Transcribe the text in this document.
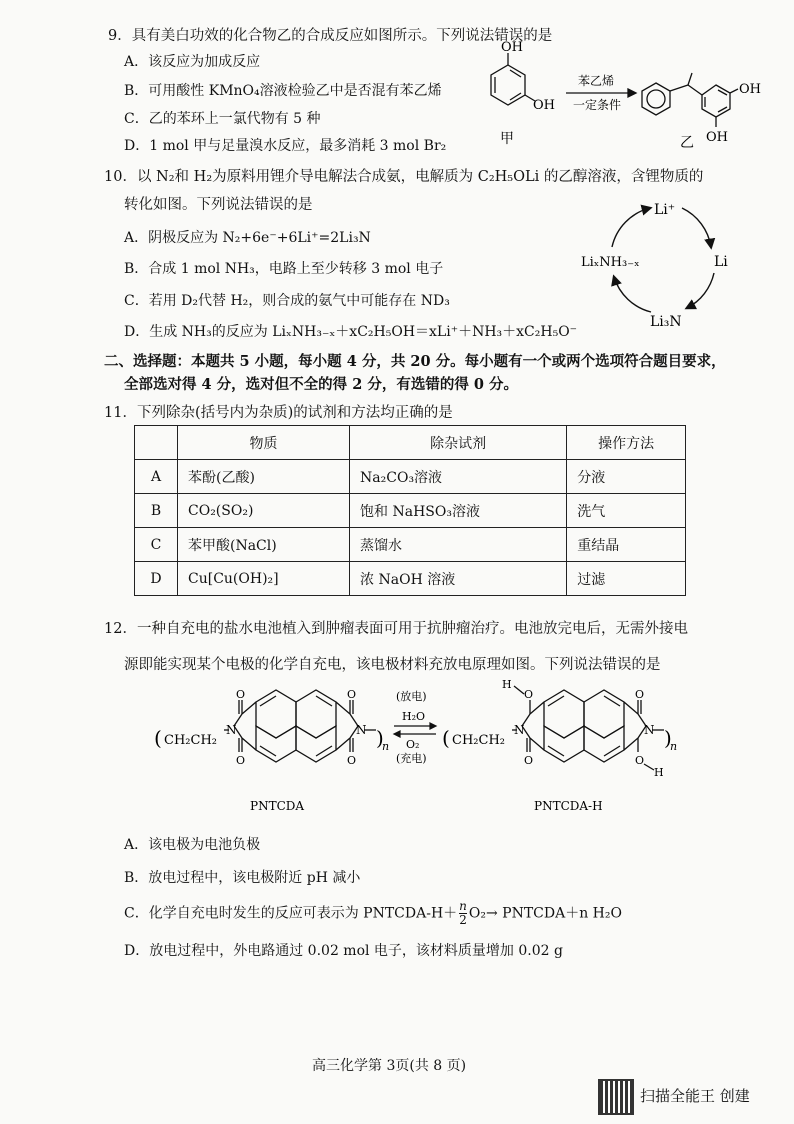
9．具有美白功效的化合物乙的合成反应如图所示。下列说法错误的是
A．该反应为加成反应
B．可用酸性 KMnO₄溶液检验乙中是否混有苯乙烯
C．乙的苯环上一氯代物有 5 种
D．1 mol 甲与足量溴水反应，最多消耗 3 mol Br₂
OH
OH
甲
苯乙烯
一定条件
OH
OH
乙
10．以 N₂和 H₂为原料用锂介导电解法合成氨，电解质为 C₂H₅OLi 的乙醇溶液，含锂物质的
转化如图。下列说法错误的是
A．阴极反应为 N₂+6e⁻+6Li⁺=2Li₃N
B．合成 1 mol NH₃，电路上至少转移 3 mol 电子
C．若用 D₂代替 H₂，则合成的氨气中可能存在 ND₃
D．生成 NH₃的反应为 LiₓNH₃₋ₓ＋xC₂H₅OH＝xLi⁺＋NH₃＋xC₂H₅O⁻
Li⁺
Li
Li₃N
LiₓNH₃₋ₓ
二、选择题：本题共 5 小题，每小题 4 分，共 20 分。每小题有一个或两个选项符合题目要求，
全部选对得 4 分，选对但不全的得 2 分，有选错的得 0 分。
11．下列除杂(括号内为杂质)的试剂和方法均正确的是
	物质	除杂试剂	操作方法
A	苯酚(乙酸)	Na₂CO₃溶液	分液
B	CO₂(SO₂)	饱和 NaHSO₃溶液	洗气
C	苯甲酸(NaCl)	蒸馏水	重结晶
D	Cu[Cu(OH)₂]	浓 NaOH 溶液	过滤
12．一种自充电的盐水电池植入到肿瘤表面可用于抗肿瘤治疗。电池放完电后，无需外接电
源即能实现某个电极的化学自充电，该电极材料充放电原理如图。下列说法错误的是
( CH₂CH₂
N	N
O
O
O
O
)
n
PNTCDA
(放电)
H₂O
O₂
(充电)
( CH₂CH₂
N	N
O
O
O
O
H
H
)
n
PNTCDA-H
A．该电极为电池负极
B．放电过程中，该电极附近 pH 减小
C．化学自充电时发生的反应可表示为 PNTCDA-H＋ $\frac{n}{2} O_2\to$ PNTCDA＋n H₂O
D．放电过程中，外电路通过 0.02 mol 电子，该材料质量增加 0.02 g
高三化学第 3页(共 8 页)
扫描全能王 创建
